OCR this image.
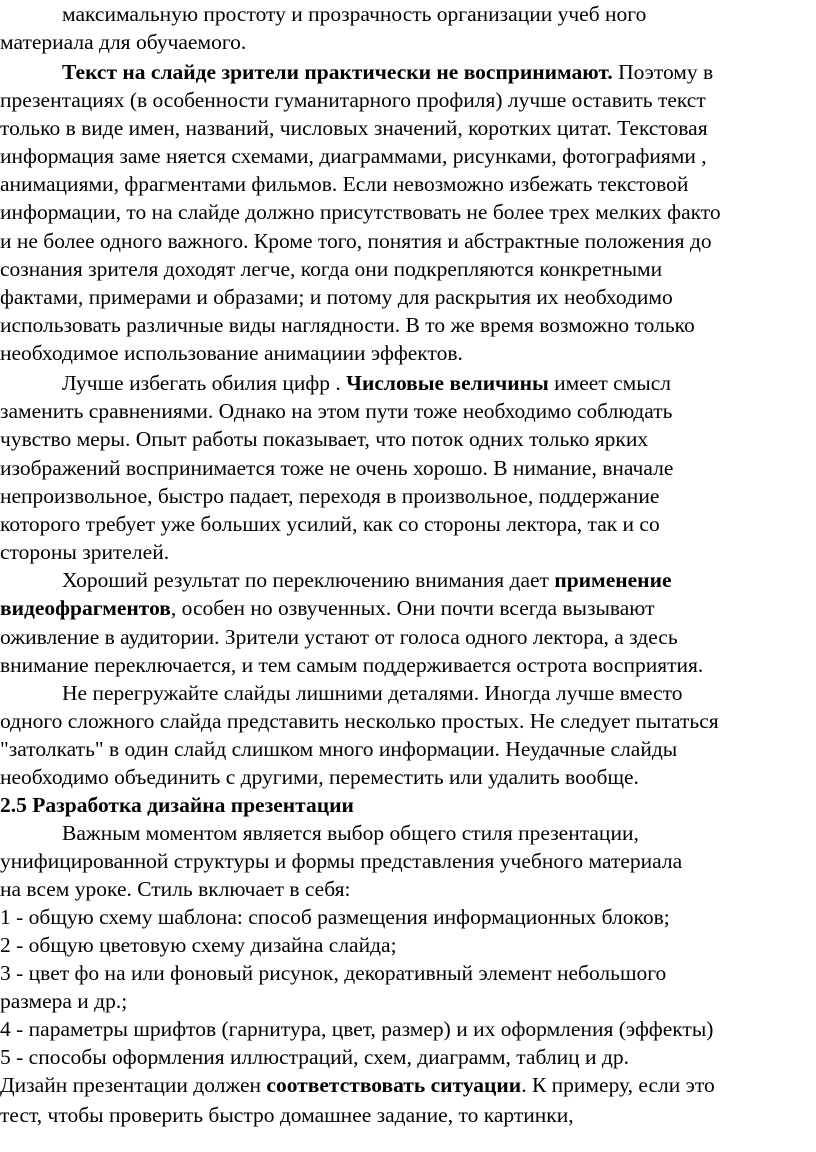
максимальную простоту и прозрачность организации учеб ного
материала для обучаемого.
Текст на слайде зрители практически не воспринимают. Поэтому в
презентациях (в особенности гуманитарного профиля) лучше оставить текст
только в виде имен, названий, числовых значений, коротких цитат. Текстовая
информация заме няется схемами, диаграммами, рисунками, фотографиями ,
анимациями, фрагментами фильмов. Если невозможно избежать текстовой
информации, то на слайде должно присутствовать не более трех мелких факто
и не более одного важного. Кроме того, понятия и абстрактные положения до
сознания зрителя доходят легче, когда они подкрепляются конкретными
фактами, примерами и образами; и потому для раскрытия их необходимо
использовать различные виды наглядности. В то же время возможно только
необходимое использование анимациии эффектов.
Лучше избегать обилия цифр . Числовые величины имеет смысл
заменить сравнениями. Однако на этом пути тоже необходимо соблюдать
чувство меры. Опыт работы показывает, что поток одних только ярких
изображений воспринимается тоже не очень хорошо. В нимание, вначале
непроизвольное, быстро падает, переходя в произвольное, поддержание
которого требует уже больших усилий, как со стороны лектора, так и со
стороны зрителей.
Хороший результат по переключению внимания дает применение
видеофрагментов, особен но озвученных. Они почти всегда вызывают
оживление в аудитории. Зрители устают от голоса одного лектора, а здесь
внимание переключается, и тем самым поддерживается острота восприятия.
Не перегружайте слайды лишними деталями. Иногда лучше вместо
одного сложного слайда представить несколько простых. Не следует пытаться
"затолкать" в один слайд слишком много информации. Неудачные слайды
необходимо объединить с другими, переместить или удалить вообще.
2.5 Разработка дизайна презентации
Важным моментом является выбор общего стиля презентации,
унифицированной структуры и формы представления учебного материала
на всем уроке. Стиль включает в себя:
1 - общую схему шаблона: способ размещения информационных блоков;
2 - общую цветовую схему дизайна слайда;
3 - цвет фо на или фоновый рисунок, декоративный элемент небольшого
размера и др.;
4 - параметры шрифтов (гарнитура, цвет, размер) и их оформления (эффекты)
5 - способы оформления иллюстраций, схем, диаграмм, таблиц и др.
Дизайн презентации должен соответствовать ситуации. К примеру, если это
тест, чтобы проверить быстро домашнее задание, то картинки,
